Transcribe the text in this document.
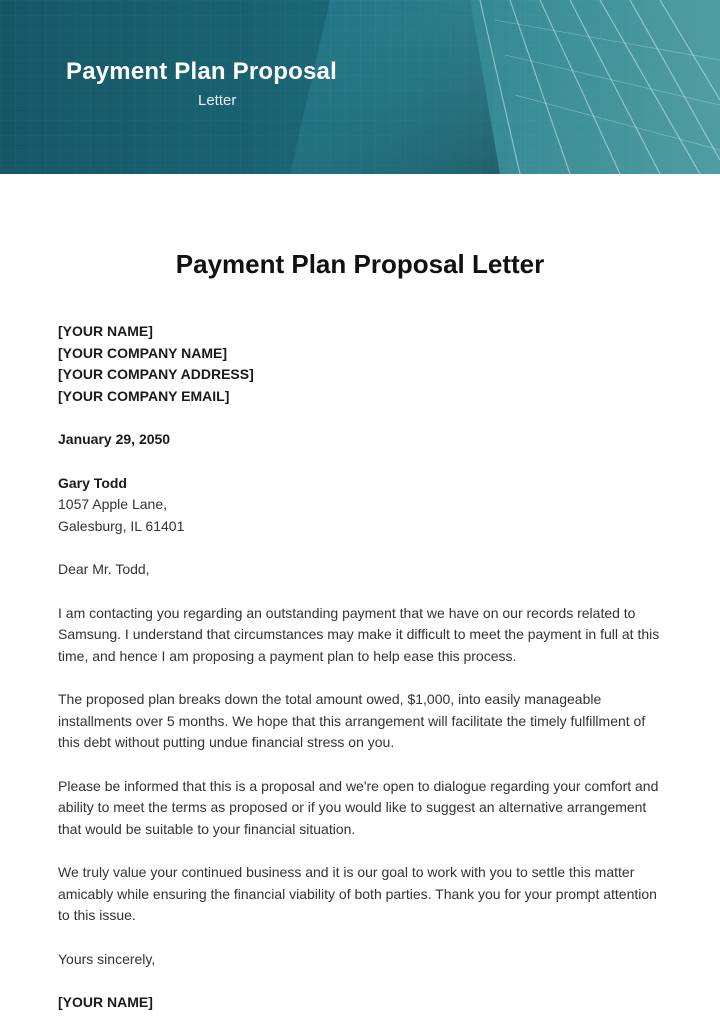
Payment Plan Proposal
Letter
Payment Plan Proposal Letter

[YOUR NAME]

[YOUR COMPANY NAME]

[YOUR COMPANY ADDRESS]

[YOUR COMPANY EMAIL]

January 29, 2050

Gary Todd

1057 Apple Lane,

Galesburg, IL 61401

Dear Mr. Todd,

I am contacting you regarding an outstanding payment that we have on our records related to Samsung. I understand that circumstances may make it difficult to meet the payment in full at this time, and hence I am proposing a payment plan to help ease this process.

The proposed plan breaks down the total amount owed, $1,000, into easily manageable installments over 5 months. We hope that this arrangement will facilitate the timely fulfillment of this debt without putting undue financial stress on you.

Please be informed that this is a proposal and we're open to dialogue regarding your comfort and ability to meet the terms as proposed or if you would like to suggest an alternative arrangement that would be suitable to your financial situation.

We truly value your continued business and it is our goal to work with you to settle this matter amicably while ensuring the financial viability of both parties. Thank you for your prompt attention to this issue.

Yours sincerely,

[YOUR NAME]
